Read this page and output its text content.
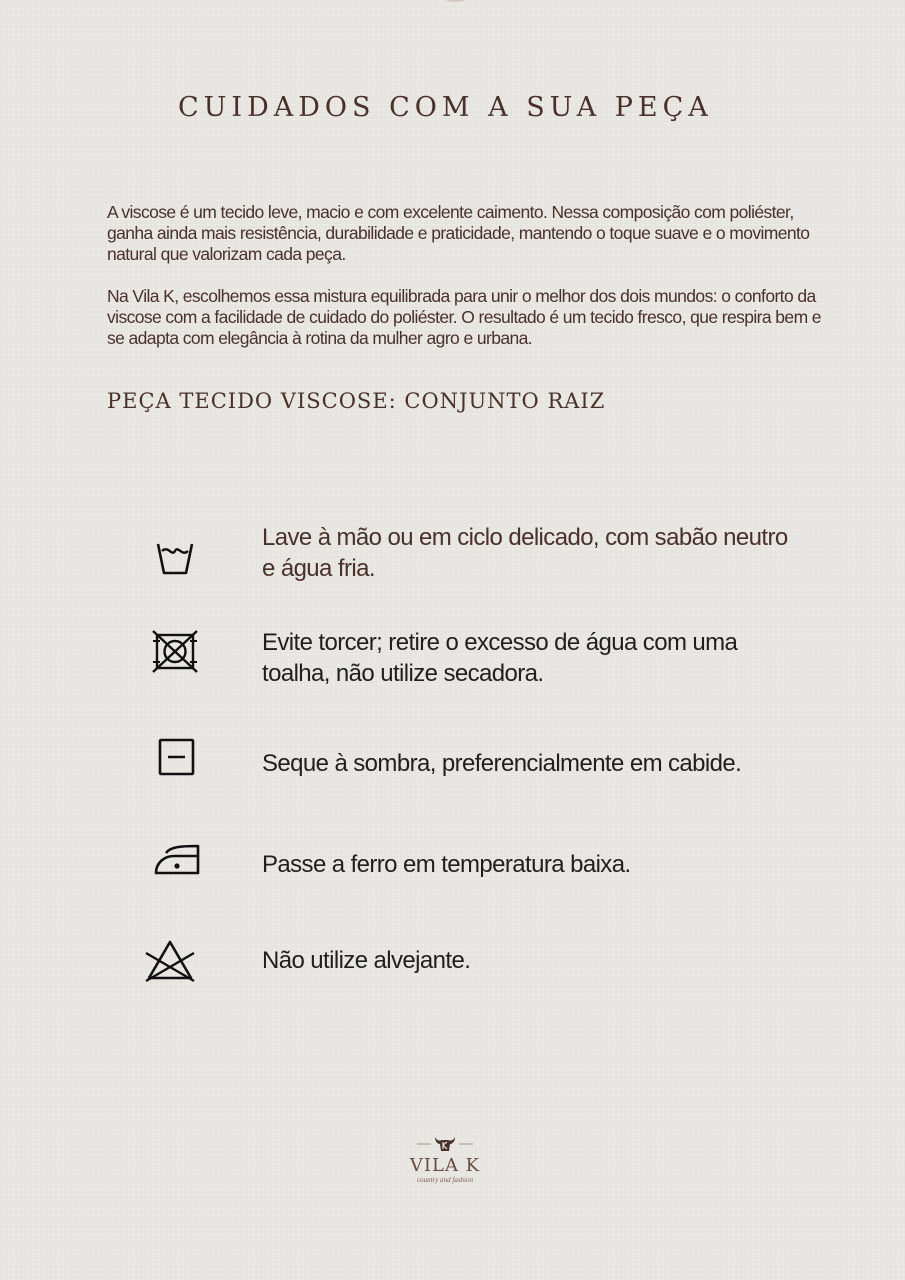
CUIDADOS COM A SUA PEÇA

A viscose é um tecido leve, macio e com excelente caimento. Nessa composição com poliéster, ganha ainda mais resistência, durabilidade e praticidade, mantendo o toque suave e o movimento natural que valorizam cada peça.

Na Vila K, escolhemos essa mistura equilibrada para unir o melhor dos dois mundos: o conforto da viscose com a facilidade de cuidado do poliéster. O resultado é um tecido fresco, que respira bem e se adapta com elegância à rotina da mulher agro e urbana.

PEÇA TECIDO VISCOSE: CONJUNTO RAIZ
Lave à mão ou em ciclo delicado, com sabão neutro e água fria.
Evite torcer; retire o excesso de água com uma toalha, não utilize secadora.
Seque à sombra, preferencialmente em cabide.
Passe a ferro em temperatura baixa.
Não utilize alvejante.
VILA K
country and fashion
